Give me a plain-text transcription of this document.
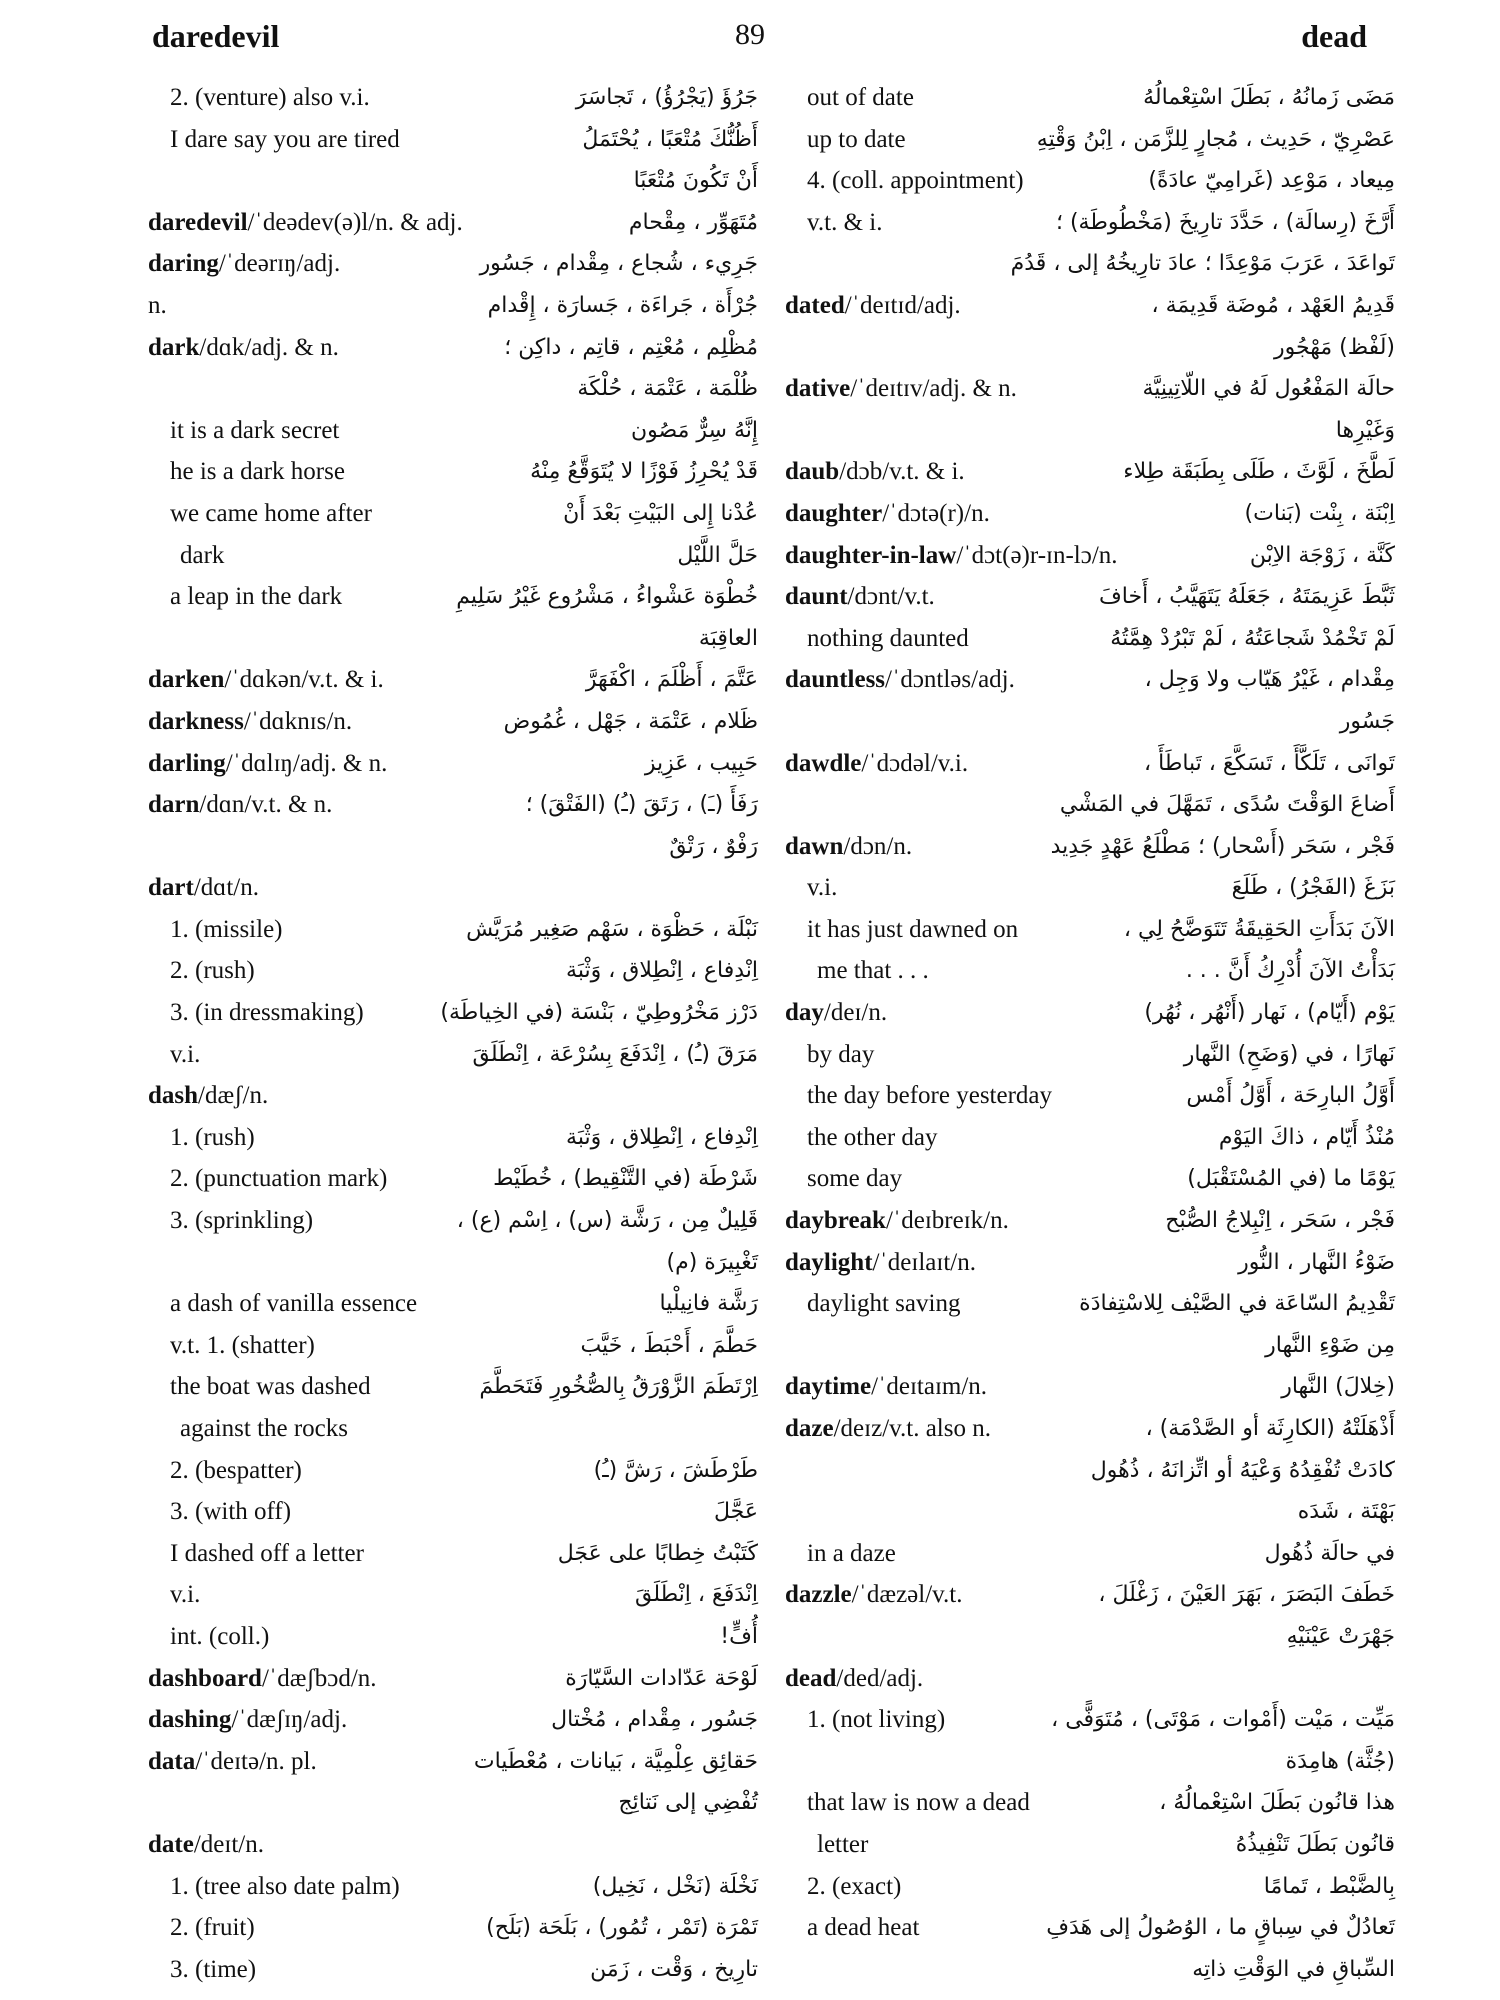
daredevil	89	dead
2. (venture) also v.i.	جَرُؤَ (يَجْرُؤُ) ، تَجاسَرَ
I dare say you are tired	أَظُنُّكَ مُتْعَبًا ، يُحْتَمَلُ
أَنْ تَكُونَ مُتْعَبًا
daredevil/ˈdeədev(ə)l/n. & adj.	مُتَهَوِّر ، مِقْحام
daring/ˈdeərɪŋ/adj.	جَرِيء ، شُجاع ، مِقْدام ، جَسُور
n.	جُرْأَة ، جَراءَة ، جَسارَة ، إِقْدام
dark/dɑk/adj. & n.	مُظْلِم ، مُعْتِم ، قاتِم ، داكِن ؛
ظُلْمَة ، عَتْمَة ، حُلْكَة
it is a dark secret	إِنَّهُ سِرٌّ مَصُون
he is a dark horse	قَدْ يُحْرِزُ فَوْزًا لا يُتَوَقَّعُ مِنْهُ
we came home after	عُدْنا إِلى البَيْتِ بَعْدَ أَنْ
dark	حَلَّ اللَّيْل
a leap in the dark	خُطْوَة عَشْواءُ ، مَشْرُوع غَيْرُ سَلِيمِ
العاقِبَة
darken/ˈdɑkən/v.t. & i.	عَتَّمَ ، أَظْلَمَ ، اكْفَهَرَّ
darkness/ˈdɑknɪs/n.	ظَلام ، عَتْمَة ، جَهْل ، غُمُوض
darling/ˈdɑlɪŋ/adj. & n.	حَبِيب ، عَزِيز
darn/dɑn/v.t. & n.	رَفَأَ (ـَ) ، رَتَقَ (ـُ) (الفَتْقَ) ؛
رَفْوٌ ، رَتْقٌ
dart/dɑt/n.
1. (missile)	نَبْلَة ، حَظْوَة ، سَهْم صَغِير مُرَيَّش
2. (rush)	اِنْدِفاع ، اِنْطِلاق ، وَثْبَة
3. (in dressmaking)	دَرْز مَخْرُوطِيّ ، بَنْسَة (في الخِياطَة)
v.i.	مَرَقَ (ـُ) ، اِنْدَفَعَ بِسُرْعَة ، اِنْطَلَقَ
dash/dæʃ/n.
1. (rush)	اِنْدِفاع ، اِنْطِلاق ، وَثْبَة
2. (punctuation mark)	شَرْطَة (في التَّنْقِيط) ، خُطَيْط
3. (sprinkling)	قَلِيلٌ مِن ، رَشَّة (س) ، اِسْم (ع) ،
تَغْبِيرَة (م)
a dash of vanilla essence	رَشَّة فانِيلْيا
v.t. 1. (shatter)	حَطَّمَ ، أَحْبَطَ ، خَيَّبَ
the boat was dashed	اِرْتَطَمَ الزَّوْرَقُ بِالصُّخُورِ فَتَحَطَّمَ
against the rocks
2. (bespatter)	طَرْطَشَ ، رَشَّ (ـُ)
3. (with off)	عَجَّلَ
I dashed off a letter	كَتَبْتُ خِطابًا على عَجَل
v.i.	اِنْدَفَعَ ، اِنْطَلَقَ
int. (coll.)	أُفٍّ!
dashboard/ˈdæʃbɔd/n.	لَوْحَة عَدّادات السَّيّارَة
dashing/ˈdæʃɪŋ/adj.	جَسُور ، مِقْدام ، مُخْتال
data/ˈdeɪtə/n. pl.	حَقائِق عِلْمِيَّة ، بَيانات ، مُعْطَيات
تُفْضِي إلى نَتائِج
date/deɪt/n.
1. (tree also date palm)	نَخْلَة (نَخْل ، نَخِيل)
2. (fruit)	تَمْرَة (تَمْر ، تُمُور) ، بَلَحَة (بَلَح)
3. (time)	تارِيخ ، وَقْت ، زَمَن
out of date	مَضَى زَمانُهُ ، بَطَلَ اسْتِعْمالُهُ
up to date	عَصْرِيّ ، حَدِيث ، مُجارٍ لِلزَّمَن ، اِبْنُ وَقْتِهِ
4. (coll. appointment)	مِيعاد ، مَوْعِد (غَرامِيّ عادَةً)
v.t. & i.	أَرَّخَ (رِسالَة) ، حَدَّدَ تارِيخَ (مَخْطُوطَة) ؛
تَواعَدَ ، عَرَبَ مَوْعِدًا ؛ عادَ تارِيخُهُ إلى ، قَدُمَ
dated/ˈdeɪtɪd/adj.	قَدِيمُ العَهْد ، مُوضَة قَدِيمَة ،
(لَفْظ) مَهْجُور
dative/ˈdeɪtɪv/adj. & n.	حالَة المَفْعُول لَهُ في اللّاتِينِيَّة
وَغَيْرِها
daub/dɔb/v.t. & i.	لَطَّخَ ، لَوَّثَ ، طَلَى بِطَبَقَة طِلاء
daughter/ˈdɔtə(r)/n.	اِبْنَة ، بِنْت (بَنات)
daughter-in-law/ˈdɔt(ə)r-ɪn-lɔ/n.	كَنَّة ، زَوْجَة الاِبْن
daunt/dɔnt/v.t.	ثَبَّطَ عَزِيمَتَهُ ، جَعَلَهُ يَتَهَيَّبُ ، أَخافَ
nothing daunted	لَمْ تَخْمُدْ شَجاعَتُهُ ، لَمْ تَبْرُدْ هِمَّتُهُ
dauntless/ˈdɔntləs/adj.	مِقْدام ، غَيْرُ هَيّاب ولا وَجِل ،
جَسُور
dawdle/ˈdɔdəl/v.i.	تَوانَى ، تَلَكَّأَ ، تَسَكَّعَ ، تَباطَأَ ،
أَضاعَ الوَقْتَ سُدًى ، تَمَهَّلَ في المَشْي
dawn/dɔn/n.	فَجْر ، سَحَر (أَسْحار) ؛ مَطْلَعُ عَهْدٍ جَدِيد
v.i.	بَزَغَ (الفَجْرُ) ، طَلَعَ
it has just dawned on	الآنَ بَدَأَتِ الحَقِيقَةُ تَتَوَضَّحُ لِي ،
me that . . .	بَدَأْتُ الآنَ أُدْرِكُ أَنَّ . . .
day/deɪ/n.	يَوْم (أَيّام) ، نَهار (أَنْهُر ، نُهُر)
by day	نَهارًا ، في (وَضَحِ) النَّهار
the day before yesterday	أَوَّلُ البارِحَة ، أَوَّلُ أَمْس
the other day	مُنْذُ أَيّام ، ذاكَ اليَوْم
some day	يَوْمًا ما (في المُسْتَقْبَل)
daybreak/ˈdeɪbreɪk/n.	فَجْر ، سَحَر ، اِنْبِلاجُ الصُّبْح
daylight/ˈdeɪlaɪt/n.	ضَوْءُ النَّهار ، النُّور
daylight saving	تَقْدِيمُ السّاعَة في الصَّيْف لِلاسْتِفادَة
مِن ضَوْءِ النَّهار
daytime/ˈdeɪtaɪm/n.	(خِلالَ) النَّهار
daze/deɪz/v.t. also n.	أَذْهَلَتْهُ (الكارِثَة أو الصَّدْمَة) ،
كادَتْ تُفْقِدُهُ وَعْيَهُ أو اتِّزانَهُ ، ذُهُول
بَهْتَة ، شَدَه
in a daze	في حالَة ذُهُول
dazzle/ˈdæzəl/v.t.	خَطَفَ البَصَرَ ، بَهَرَ العَيْنَ ، زَغْلَلَ ،
جَهْرَتْ عَيْنَيْهِ
dead/ded/adj.
1. (not living)	مَيِّت ، مَيْت (أَمْوات ، مَوْتَى) ، مُتَوَفًّى ،
(جُثَّة) هامِدَة
that law is now a dead	هذا قانُون بَطَلَ اسْتِعْمالُهُ ،
letter	قانُون بَطَلَ تَنْفِيذُهُ
2. (exact)	بِالضَّبْط ، تَمامًا
a dead heat	تَعادُلٌ في سِباقٍ ما ، الوُصُولُ إلى هَدَفِ
السِّباقِ في الوَقْتِ ذاتِه
